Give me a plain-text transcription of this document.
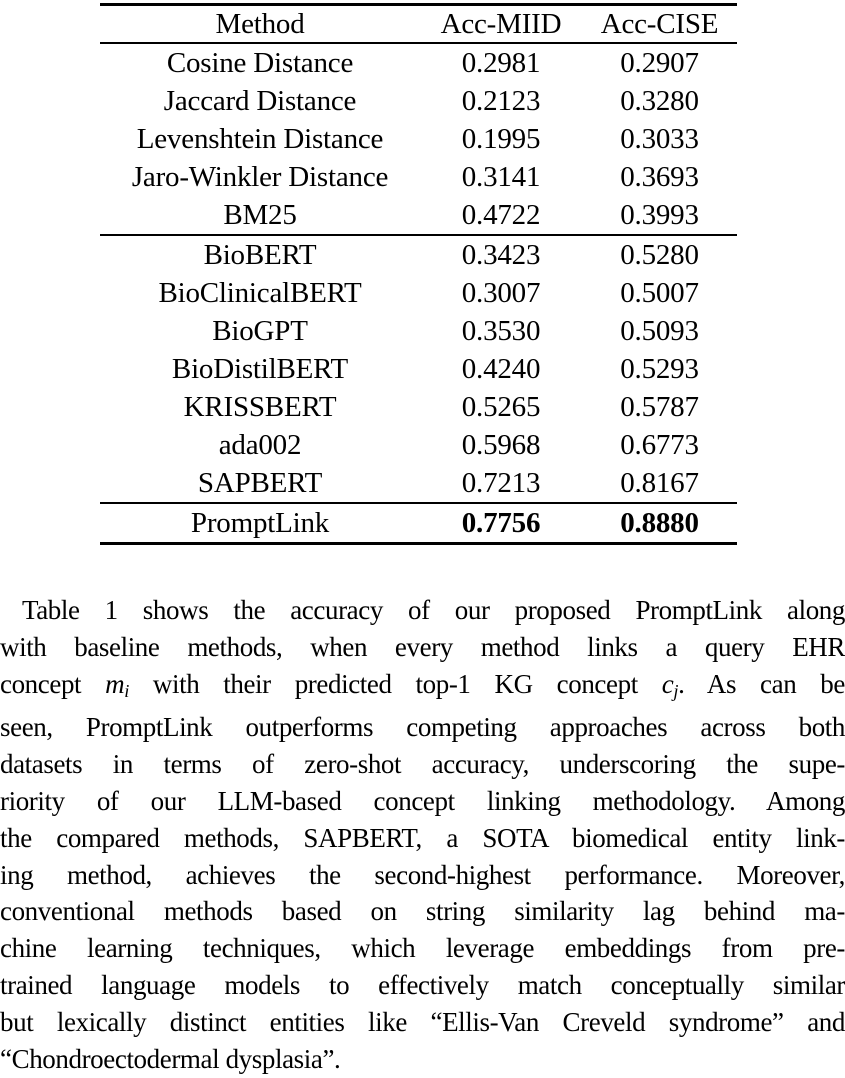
Method	Acc-MIID	Acc-CISE
Cosine Distance	0.2981	0.2907
Jaccard Distance	0.2123	0.3280
Levenshtein Distance	0.1995	0.3033
Jaro-Winkler Distance	0.3141	0.3693
BM25	0.4722	0.3993
BioBERT	0.3423	0.5280
BioClinicalBERT	0.3007	0.5007
BioGPT	0.3530	0.5093
BioDistilBERT	0.4240	0.5293
KRISSBERT	0.5265	0.5787
ada002	0.5968	0.6773
SAPBERT	0.7213	0.8167
PromptLink	0.7756	0.8880
Table 1 shows the accuracy of our proposed PromptLink along
with baseline methods, when every method links a query EHR
concept $m_i$ with their predicted top-1 KG concept $c_j$. As can be
seen, PromptLink outperforms competing approaches across both
datasets in terms of zero-shot accuracy, underscoring the supe-
riority of our LLM-based concept linking methodology. Among
the compared methods, SAPBERT, a SOTA biomedical entity link-
ing method, achieves the second-highest performance. Moreover,
conventional methods based on string similarity lag behind ma-
chine learning techniques, which leverage embeddings from pre-
trained language models to effectively match conceptually similar
but lexically distinct entities like “Ellis-Van Creveld syndrome” and
“Chondroectodermal dysplasia”.
